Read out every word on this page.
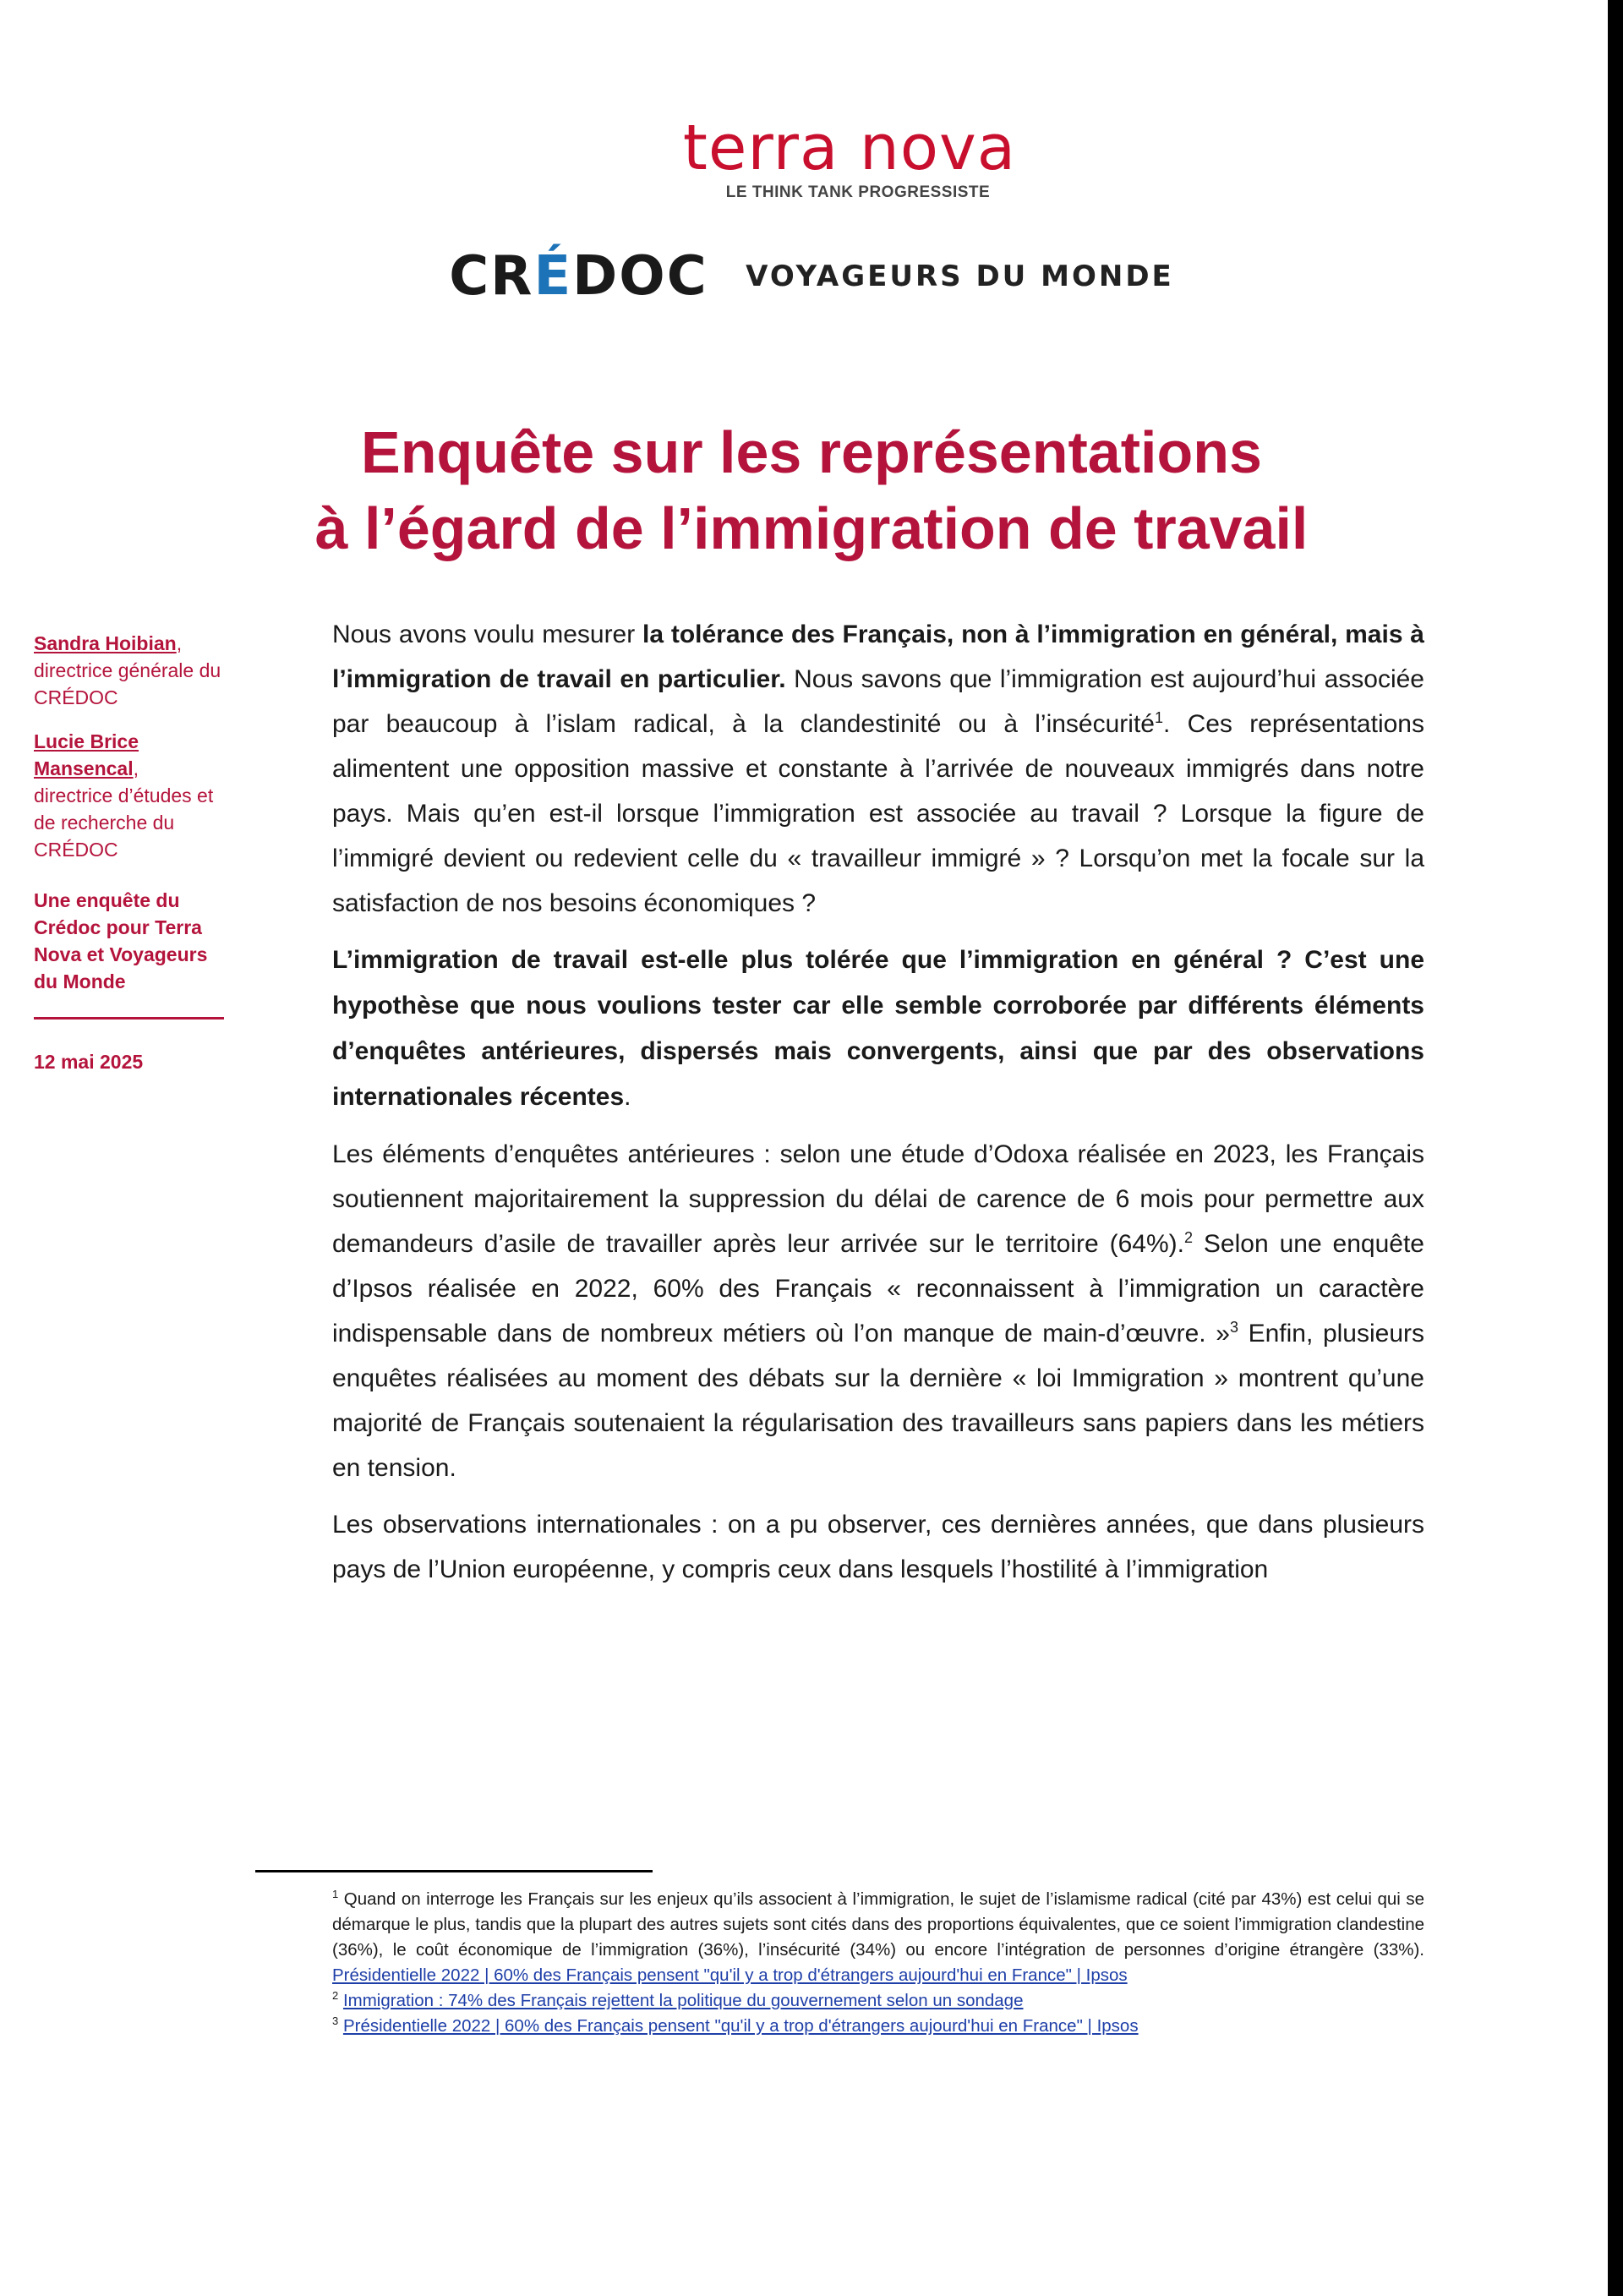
terra nova
LE THINK TANK PROGRESSISTE
CRÉDOC VOYAGEURS DU MONDE
Enquête sur les représentations
à l’égard de l’immigration de travail

Sandra Hoibian,
directrice générale du CRÉDOC

Lucie Brice Mansencal,
directrice d’études et de recherche du CRÉDOC

Une enquête du Crédoc pour Terra Nova et Voyageurs du Monde

12 mai 2025

Nous avons voulu mesurer la tolérance des Français, non à l’immigration en général, mais à l’immigration de travail en particulier. Nous savons que l’immigration est aujourd’hui associée par beaucoup à l’islam radical, à la clandestinité ou à l’insécurité$^1$. Ces représentations alimentent une opposition massive et constante à l’arrivée de nouveaux immigrés dans notre pays. Mais qu’en est-il lorsque l’immigration est associée au travail ? Lorsque la figure de l’immigré devient ou redevient celle du « travailleur immigré » ? Lorsqu’on met la focale sur la satisfaction de nos besoins économiques ?

L’immigration de travail est-elle plus tolérée que l’immigration en général ? C’est une hypothèse que nous voulions tester car elle semble corroborée par différents éléments d’enquêtes antérieures, dispersés mais convergents, ainsi que par des observations internationales récentes.

Les éléments d’enquêtes antérieures : selon une étude d’Odoxa réalisée en 2023, les Français soutiennent majoritairement la suppression du délai de carence de 6 mois pour permettre aux demandeurs d’asile de travailler après leur arrivée sur le territoire (64%).$^2$ Selon une enquête d’Ipsos réalisée en 2022, 60% des Français « reconnaissent à l’immigration un caractère indispensable dans de nombreux métiers où l’on manque de main-d’œuvre. »$^3$ Enfin, plusieurs enquêtes réalisées au moment des débats sur la dernière « loi Immigration » montrent qu’une majorité de Français soutenaient la régularisation des travailleurs sans papiers dans les métiers en tension.

Les observations internationales : on a pu observer, ces dernières années, que dans plusieurs pays de l’Union européenne, y compris ceux dans lesquels l’hostilité à l’immigration

$^1$ Quand on interroge les Français sur les enjeux qu’ils associent à l’immigration, le sujet de l’islamisme radical (cité par 43%) est celui qui se démarque le plus, tandis que la plupart des autres sujets sont cités dans des proportions équivalentes, que ce soient l’immigration clandestine (36%), le coût économique de l’immigration (36%), l’insécurité (34%) ou encore l’intégration de personnes d’origine étrangère (33%). Présidentielle 2022 | 60% des Français pensent "qu'il y a trop d'étrangers aujourd'hui en France" | Ipsos

$^2$ Immigration : 74% des Français rejettent la politique du gouvernement selon un sondage

$^3$ Présidentielle 2022 | 60% des Français pensent "qu'il y a trop d'étrangers aujourd'hui en France" | Ipsos
